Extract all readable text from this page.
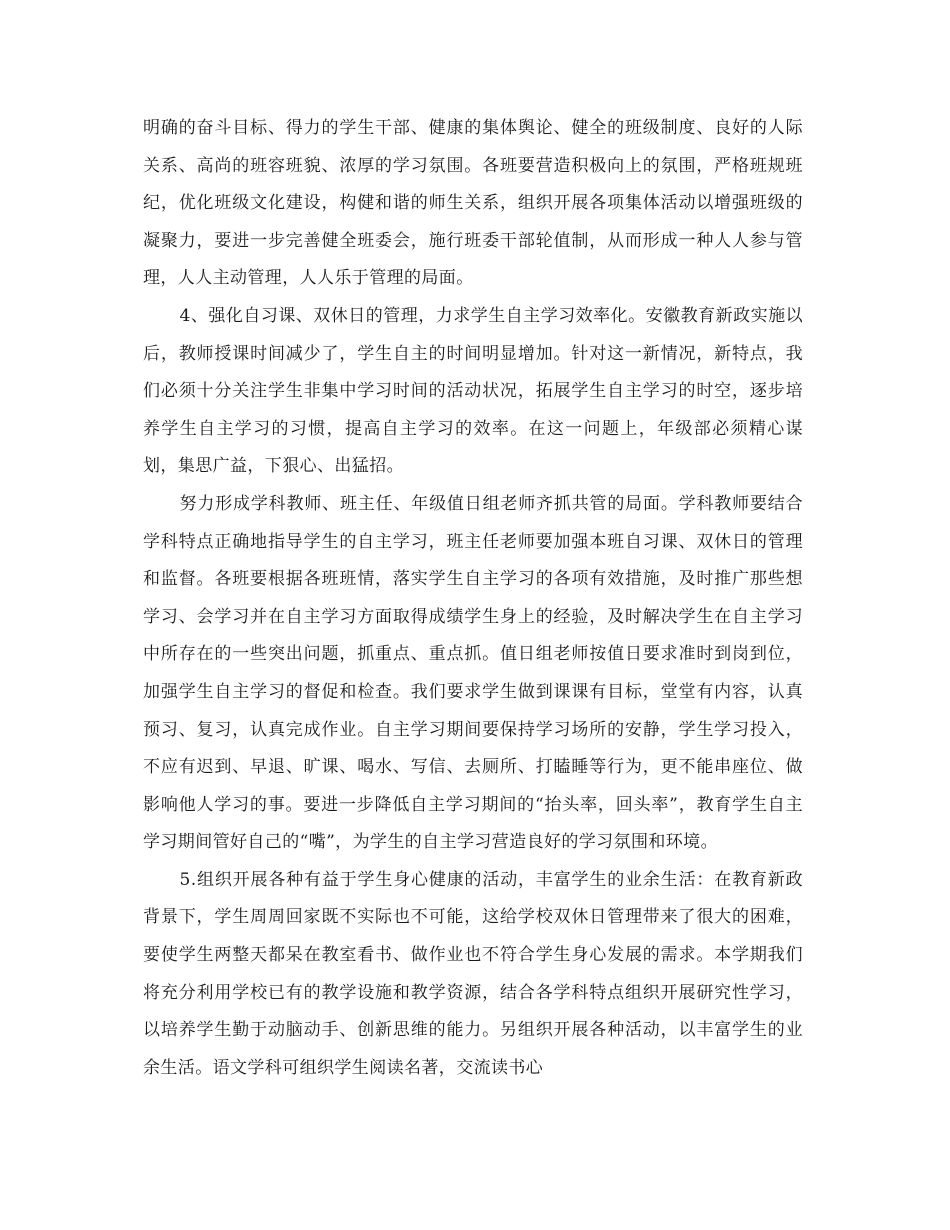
明确的奋斗目标、得力的学生干部、健康的集体舆论、健全的班级制度、良好的人际关系、高尚的班容班貌、浓厚的学习氛围。各班要营造积极向上的氛围，严格班规班纪，优化班级文化建设，构健和谐的师生关系，组织开展各项集体活动以增强班级的凝聚力，要进一步完善健全班委会，施行班委干部轮值制，从而形成一种人人参与管理，人人主动管理，人人乐于管理的局面。

4、强化自习课、双休日的管理，力求学生自主学习效率化。安徽教育新政实施以后，教师授课时间减少了，学生自主的时间明显增加。针对这一新情况，新特点，我们必须十分关注学生非集中学习时间的活动状况，拓展学生自主学习的时空，逐步培养学生自主学习的习惯，提高自主学习的效率。在这一问题上，年级部必须精心谋划，集思广益，下狠心、出猛招。

努力形成学科教师、班主任、年级值日组老师齐抓共管的局面。学科教师要结合学科特点正确地指导学生的自主学习，班主任老师要加强本班自习课、双休日的管理和监督。各班要根据各班班情，落实学生自主学习的各项有效措施，及时推广那些想学习、会学习并在自主学习方面取得成绩学生身上的经验，及时解决学生在自主学习中所存在的一些突出问题，抓重点、重点抓。值日组老师按值日要求准时到岗到位，加强学生自主学习的督促和检查。我们要求学生做到课课有目标，堂堂有内容，认真预习、复习，认真完成作业。自主学习期间要保持学习场所的安静，学生学习投入，不应有迟到、早退、旷课、喝水、写信、去厕所、打瞌睡等行为，更不能串座位、做影响他人学习的事。要进一步降低自主学习期间的“抬头率，回头率”，教育学生自主学习期间管好自己的“嘴”，为学生的自主学习营造良好的学习氛围和环境。

5.组织开展各种有益于学生身心健康的活动，丰富学生的业余生活：在教育新政背景下，学生周周回家既不实际也不可能，这给学校双休日管理带来了很大的困难，要使学生两整天都呆在教室看书、做作业也不符合学生身心发展的需求。本学期我们将充分利用学校已有的教学设施和教学资源，结合各学科特点组织开展研究性学习，以培养学生勤于动脑动手、创新思维的能力。另组织开展各种活动，以丰富学生的业余生活。语文学科可组织学生阅读名著，交流读书心
